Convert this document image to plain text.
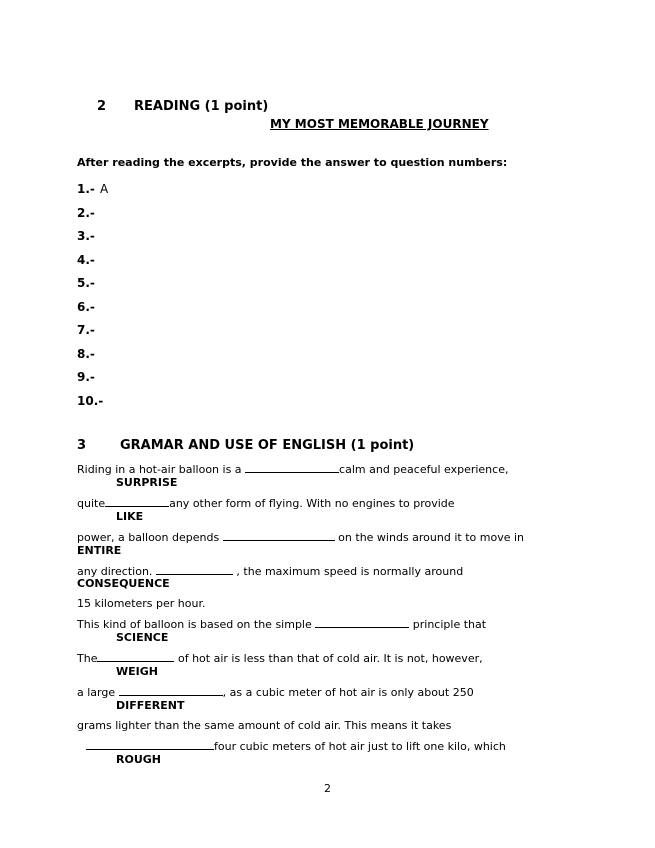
2 READING (1 point)
MY MOST MEMORABLE JOURNEY
After reading the excerpts, provide the answer to question numbers:
1.- A
2.-
3.-
4.-
5.-
6.-
7.-
8.-
9.-
10.-
3	GRAMAR AND USE OF ENGLISH (1 point)
Riding in a hot-air balloon is a	calm and peaceful experience,
SURPRISE
quite	any other form of flying. With no engines to provide
LIKE
power, a balloon depends	on the winds around it to move in
ENTIRE
any direction.	, the maximum speed is normally around
CONSEQUENCE
15 kilometers per hour.
This kind of balloon is based on the simple	principle that
SCIENCE
The	of hot air is less than that of cold air. It is not, however,
WEIGH
a large	, as a cubic meter of hot air is only about 250
DIFFERENT
grams lighter than the same amount of cold air. This means it takes
four cubic meters of hot air just to lift one kilo, which
ROUGH
2
